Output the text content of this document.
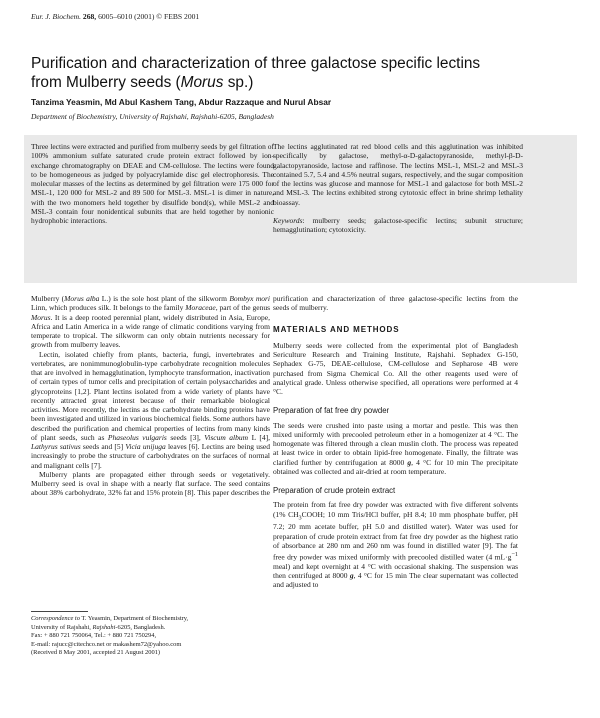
Eur. J. Biochem. 268, 6005–6010 (2001) © FEBS 2001
Purification and characterization of three galactose specific lectins
from Mulberry seeds (Morus sp.)
Tanzima Yeasmin, Md Abul Kashem Tang, Abdur Razzaque and Nurul Absar
Department of Biochemistry, University of Rajshahi, Rajshahi-6205, Bangladesh
Three lectins were extracted and purified from mulberry seeds by gel filtration of 100% ammonium sulfate saturated crude protein extract followed by ion-exchange chromatography on DEAE and CM-cellulose. The lectins were found to be homogeneous as judged by polyacrylamide disc gel electrophoresis. The molecular masses of the lectins as determined by gel filtration were 175 000 for MSL-1, 120 000 for MSL-2 and 89 500 for MSL-3. MSL-1 is dimer in nature, with the two monomers held together by disulfide bond(s), while MSL-2 and MSL-3 contain four nonidentical subunits that are held together by nonionic hydrophobic interactions.
The lectins agglutinated rat red blood cells and this agglutination was inhibited specifically by galactose, methyl-α-D-galactopyranoside, methyl-β-D-galactopyranoside, lactose and raffinose. The lectins MSL-1, MSL-2 and MSL-3 contained 5.7, 5.4 and 4.5% neutral sugars, respectively, and the sugar composition of the lectins was glucose and mannose for MSL-1 and galactose for both MSL-2 and MSL-3. The lectins exhibited strong cytotoxic effect in brine shrimp lethality bioassay.
Keywords: mulberry seeds; galactose-specific lectins; subunit structure; hemagglutination; cytotoxicity.

Mulberry (Morus alba L.) is the sole host plant of the silkworm Bombyx mori Linn, which produces silk. It belongs to the family Moraceae, part of the genus Morus. It is a deep rooted perennial plant, widely distributed in Asia, Europe, Africa and Latin America in a wide range of climatic conditions varying from temperate to tropical. The silkworm can only obtain nutrients necessary for growth from mulberry leaves.

Lectin, isolated chiefly from plants, bacteria, fungi, invertebrates and vertebrates, are nonimmunoglobulin-type carbohydrate recognition molecules that are involved in hemagglutination, lymphocyte transformation, inactivation of certain types of tumor cells and precipitation of certain polysaccharides and glycoproteins [1,2]. Plant lectins isolated from a wide variety of plants have recently attracted great interest because of their remarkable biological activities. More recently, the lectins as the carbohydrate binding proteins have been investigated and utilized in various biochemical fields. Some authors have described the purification and chemical properties of lectins from many kinds of plant seeds, such as Phaseolus vulgaris seeds [3], Viscum album L [4], Lathyrus sativus seeds and [5] Vicia unijuga leaves [6]. Lectins are being used increasingly to probe the structure of carbohydrates on the surfaces of normal and malignant cells [7].

Mulberry plants are propagated either through seeds or vegetatively. Mulberry seed is oval in shape with a nearly flat surface. The seed contains about 38% carbohydrate, 32% fat and 15% protein [8]. This paper describes the

purification and characterization of three galactose-specific lectins from the seeds of mulberry.

MATERIALS AND METHODS

Mulberry seeds were collected from the experimental plot of Bangladesh Sericulture Research and Training Institute, Rajshahi. Sephadex G-150, Sephadex G-75, DEAE-cellulose, CM-cellulose and Sepharose 4B were purchased from Sigma Chemical Co. All the other reagents used were of analytical grade. Unless otherwise specified, all operations were performed at 4 °C.

Preparation of fat free dry powder

The seeds were crushed into paste using a mortar and pestle. This was then mixed uniformly with precooled petroleum ether in a homogenizer at 4 °C. The homogenate was filtered through a clean muslin cloth. The process was repeated at least twice in order to obtain lipid-free homogenate. Finally, the filtrate was clarified further by centrifugation at 8000 g, 4 °C for 10 min The precipitate obtained was collected and air-dried at room temperature.

Preparation of crude protein extract

The protein from fat free dry powder was extracted with five different solvents (1% $CH_3COOH$; 10 mm Tris/HCl buffer, pH 8.4; 10 mm phosphate buffer, pH 7.2; 20 mm acetate buffer, pH 5.0 and distilled water). Water was used for preparation of crude protein extract from fat free dry powder as the highest ratio of absorbance at 280 nm and 260 nm was found in distilled water [9]. The fat free dry powder was mixed uniformly with precooled distilled water (4 $mL\cdot g^{-1}$ meal) and kept overnight at 4 °C with occasional shaking. The suspension was then centrifuged at 8000 g, 4 °C for 15 min The clear supernatant was collected and adjusted to

Correspondence to T. Yeasmin, Department of Biochemistry,
University of Rajshahi, Rajshahi-6205, Bangladesh.
Fax: + 880 721 750064, Tel.: + 880 721 750294,
E-mail: rajucc@citechco.net or makashem72@yahoo.com
(Received 8 May 2001, accepted 21 August 2001)
